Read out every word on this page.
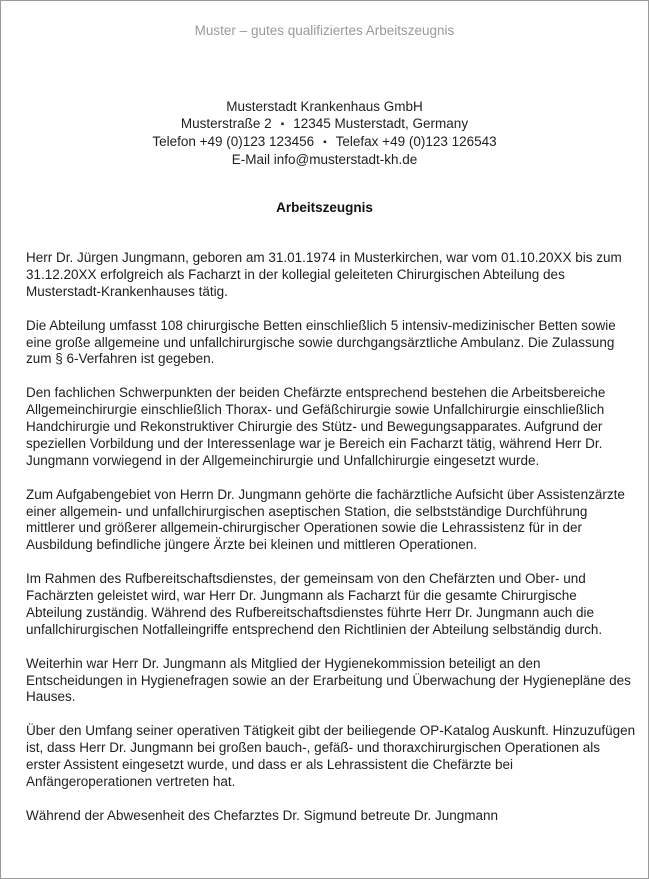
Muster – gutes qualifiziertes Arbeitszeugnis
Musterstadt Krankenhaus GmbH
Musterstraße 2 ▪ 12345 Musterstadt, Germany
Telefon +49 (0)123 123456 ▪ Telefax +49 (0)123 126543
E-Mail info@musterstadt-kh.de
Arbeitszeugnis

Herr Dr. Jürgen Jungmann, geboren am 31.01.1974 in Musterkirchen, war vom 01.10.20XX bis zum 31.12.20XX erfolgreich als Facharzt in der kollegial geleiteten Chirurgischen Abteilung des Musterstadt-Krankenhauses tätig.

Die Abteilung umfasst 108 chirurgische Betten einschließlich 5 intensiv-medizinischer Betten sowie eine große allgemeine und unfallchirurgische sowie durchgangsärztliche Ambulanz. Die Zulassung zum § 6-Verfahren ist gegeben.

Den fachlichen Schwerpunkten der beiden Chefärzte entsprechend bestehen die Arbeitsbereiche Allgemeinchirurgie einschließlich Thorax- und Gefäßchirurgie sowie Unfallchirurgie einschließlich Handchirurgie und Rekonstruktiver Chirurgie des Stütz- und Bewegungsapparates. Aufgrund der speziellen Vorbildung und der Interessenlage war je Bereich ein Facharzt tätig, während Herr Dr. Jungmann vorwiegend in der Allgemeinchirurgie und Unfallchirurgie eingesetzt wurde.

Zum Aufgabengebiet von Herrn Dr. Jungmann gehörte die fachärztliche Aufsicht über Assistenzärzte einer allgemein- und unfallchirurgischen aseptischen Station, die selbstständige Durchführung mittlerer und größerer allgemein-chirurgischer Operationen sowie die Lehrassistenz für in der Ausbildung befindliche jüngere Ärzte bei kleinen und mittleren Operationen.

Im Rahmen des Rufbereitschaftsdienstes, der gemeinsam von den Chefärzten und Ober- und Fachärzten geleistet wird, war Herr Dr. Jungmann als Facharzt für die gesamte Chirurgische Abteilung zuständig. Während des Rufbereitschaftsdienstes führte Herr Dr. Jungmann auch die unfallchirurgischen Notfalleingriffe entsprechend den Richtlinien der Abteilung selbständig durch.

Weiterhin war Herr Dr. Jungmann als Mitglied der Hygienekommission beteiligt an den Entscheidungen in Hygienefragen sowie an der Erarbeitung und Überwachung der Hygienepläne des Hauses.

Über den Umfang seiner operativen Tätigkeit gibt der beiliegende OP-Katalog Auskunft. Hinzuzufügen ist, dass Herr Dr. Jungmann bei großen bauch-, gefäß- und thoraxchirurgischen Operationen als erster Assistent eingesetzt wurde, und dass er als Lehrassistent die Chefärzte bei Anfängeroperationen vertreten hat.

Während der Abwesenheit des Chefarztes Dr. Sigmund betreute Dr. Jungmann
